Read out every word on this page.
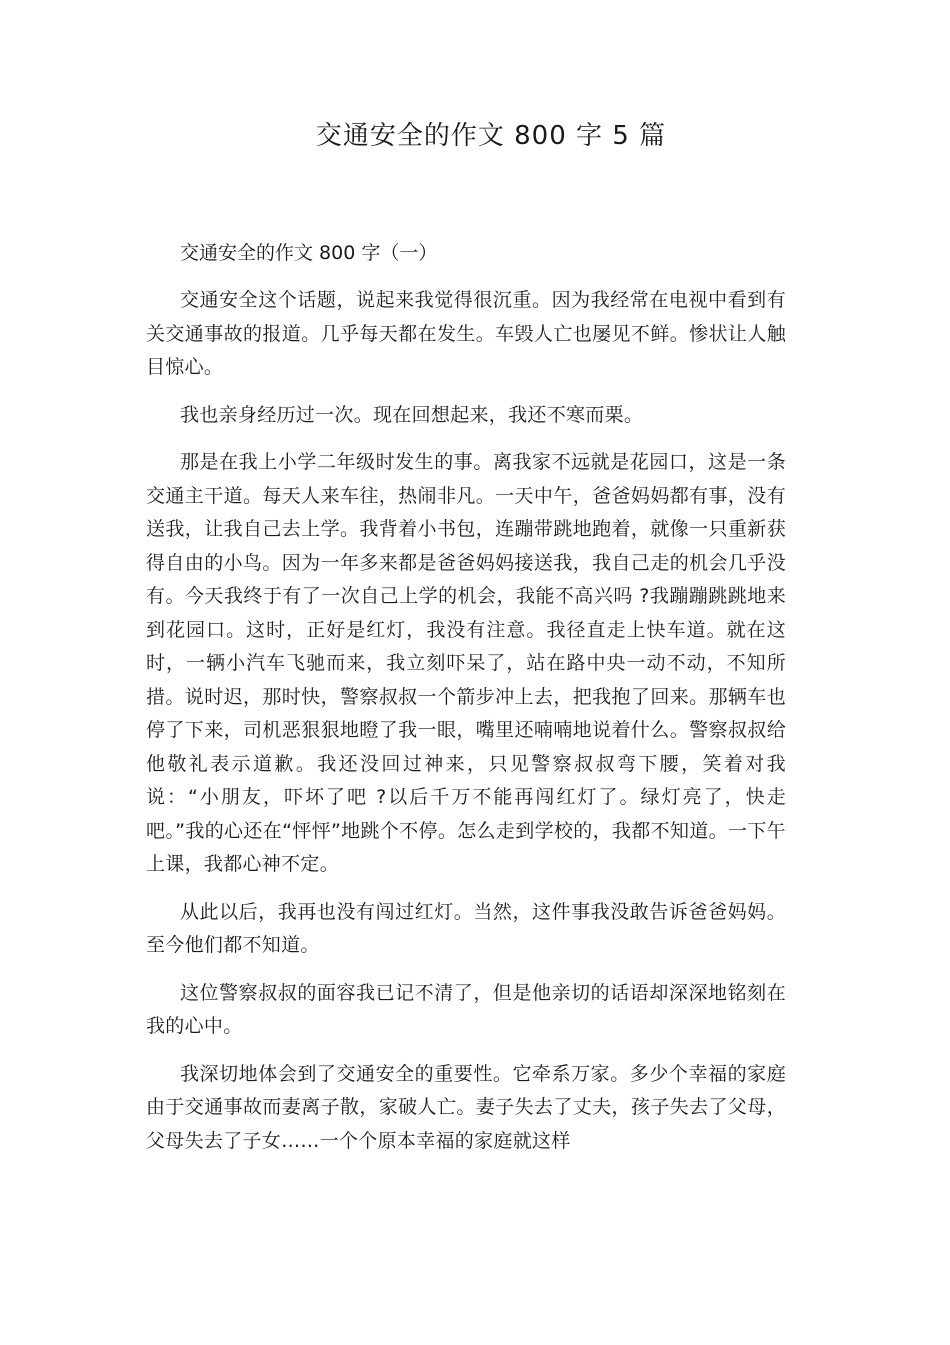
交通安全的作文 800 字 5 篇

交通安全的作文 800 字（一）

交通安全这个话题，说起来我觉得很沉重。因为我经常在电视中看到有关交通事故的报道。几乎每天都在发生。车毁人亡也屡见不鲜。惨状让人触目惊心。

我也亲身经历过一次。现在回想起来，我还不寒而栗。

那是在我上小学二年级时发生的事。离我家不远就是花园口，这是一条交通主干道。每天人来车往，热闹非凡。一天中午，爸爸妈妈都有事，没有送我，让我自己去上学。我背着小书包，连蹦带跳地跑着，就像一只重新获得自由的小鸟。因为一年多来都是爸爸妈妈接送我，我自己走的机会几乎没有。今天我终于有了一次自己上学的机会，我能不高兴吗 ?我蹦蹦跳跳地来到花园口。这时，正好是红灯，我没有注意。我径直走上快车道。就在这时，一辆小汽车飞驰而来，我立刻吓呆了，站在路中央一动不动，不知所措。说时迟，那时快，警察叔叔一个箭步冲上去，把我抱了回来。那辆车也停了下来，司机恶狠狠地瞪了我一眼，嘴里还喃喃地说着什么。警察叔叔给他敬礼表示道歉。我还没回过神来，只见警察叔叔弯下腰，笑着对我说：“小朋友，吓坏了吧 ?以后千万不能再闯红灯了。绿灯亮了，快走吧。”我的心还在“怦怦”地跳个不停。怎么走到学校的，我都不知道。一下午上课，我都心神不定。

从此以后，我再也没有闯过红灯。当然，这件事我没敢告诉爸爸妈妈。至今他们都不知道。

这位警察叔叔的面容我已记不清了，但是他亲切的话语却深深地铭刻在我的心中。

我深切地体会到了交通安全的重要性。它牵系万家。多少个幸福的家庭由于交通事故而妻离子散，家破人亡。妻子失去了丈夫，孩子失去了父母，父母失去了子女……一个个原本幸福的家庭就这样
